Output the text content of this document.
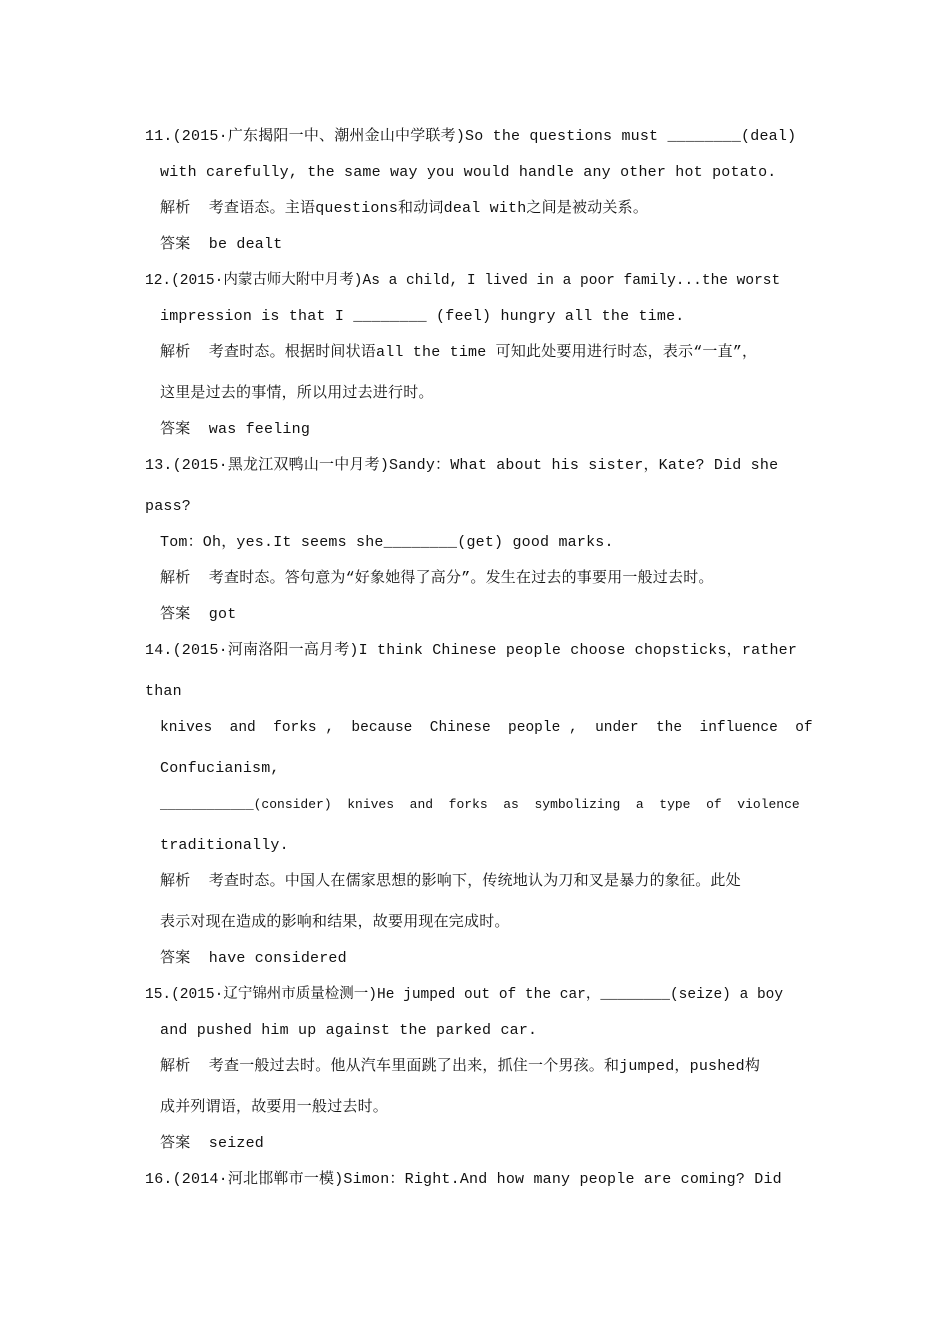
11.(2015·广东揭阳一中、潮州金山中学联考)So the questions must ________(deal)
with carefully, the same way you would handle any other hot potato.
解析  考查语态。主语questions和动词deal with之间是被动关系。
答案  be dealt
12.(2015·内蒙古师大附中月考)As a child, I lived in a poor family...the worst
impression is that I ________ (feel) hungry all the time.
解析  考查时态。根据时间状语all the time 可知此处要用进行时态，表示“一直”，
这里是过去的事情，所以用过去进行时。
答案  was feeling
13.(2015·黑龙江双鸭山一中月考)Sandy：What about his sister，Kate? Did she
pass?
Tom：Oh，yes.It seems she________(get) good marks.
解析  考查时态。答句意为“好象她得了高分”。发生在过去的事要用一般过去时。
答案  got
14.(2015·河南洛阳一高月考)I think Chinese people choose chopsticks，rather
than
knives  and  forks ,  because  Chinese  people ,  under  the  influence  of
Confucianism,
____________(consider)  knives  and  forks  as  symbolizing  a  type  of  violence
traditionally.
解析  考查时态。中国人在儒家思想的影响下，传统地认为刀和叉是暴力的象征。此处
表示对现在造成的影响和结果，故要用现在完成时。
答案  have considered
15.(2015·辽宁锦州市质量检测一)He jumped out of the car，________(seize) a boy
and pushed him up against the parked car.
解析  考查一般过去时。他从汽车里面跳了出来，抓住一个男孩。和jumped，pushed构
成并列谓语，故要用一般过去时。
答案  seized
16.(2014·河北邯郸市一模)Simon：Right.And how many people are coming? Did
